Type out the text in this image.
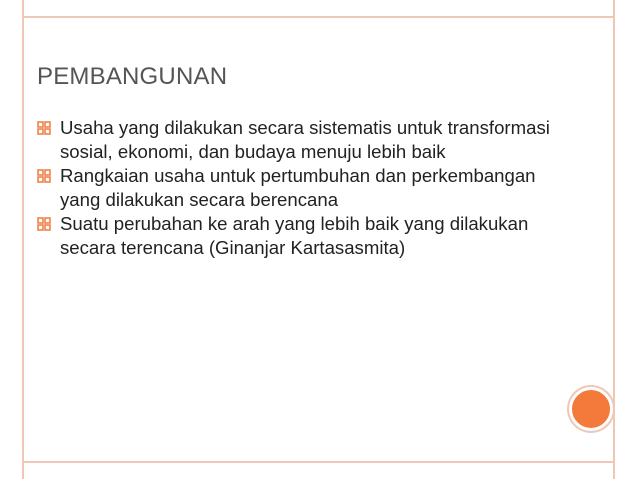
PEMBANGUNAN
Usaha yang dilakukan secara sistematis untuk transformasi sosial, ekonomi, dan budaya menuju lebih baik
Rangkaian usaha untuk pertumbuhan dan perkembangan yang dilakukan secara berencana
Suatu perubahan ke arah yang lebih baik yang dilakukan secara terencana (Ginanjar Kartasasmita)
